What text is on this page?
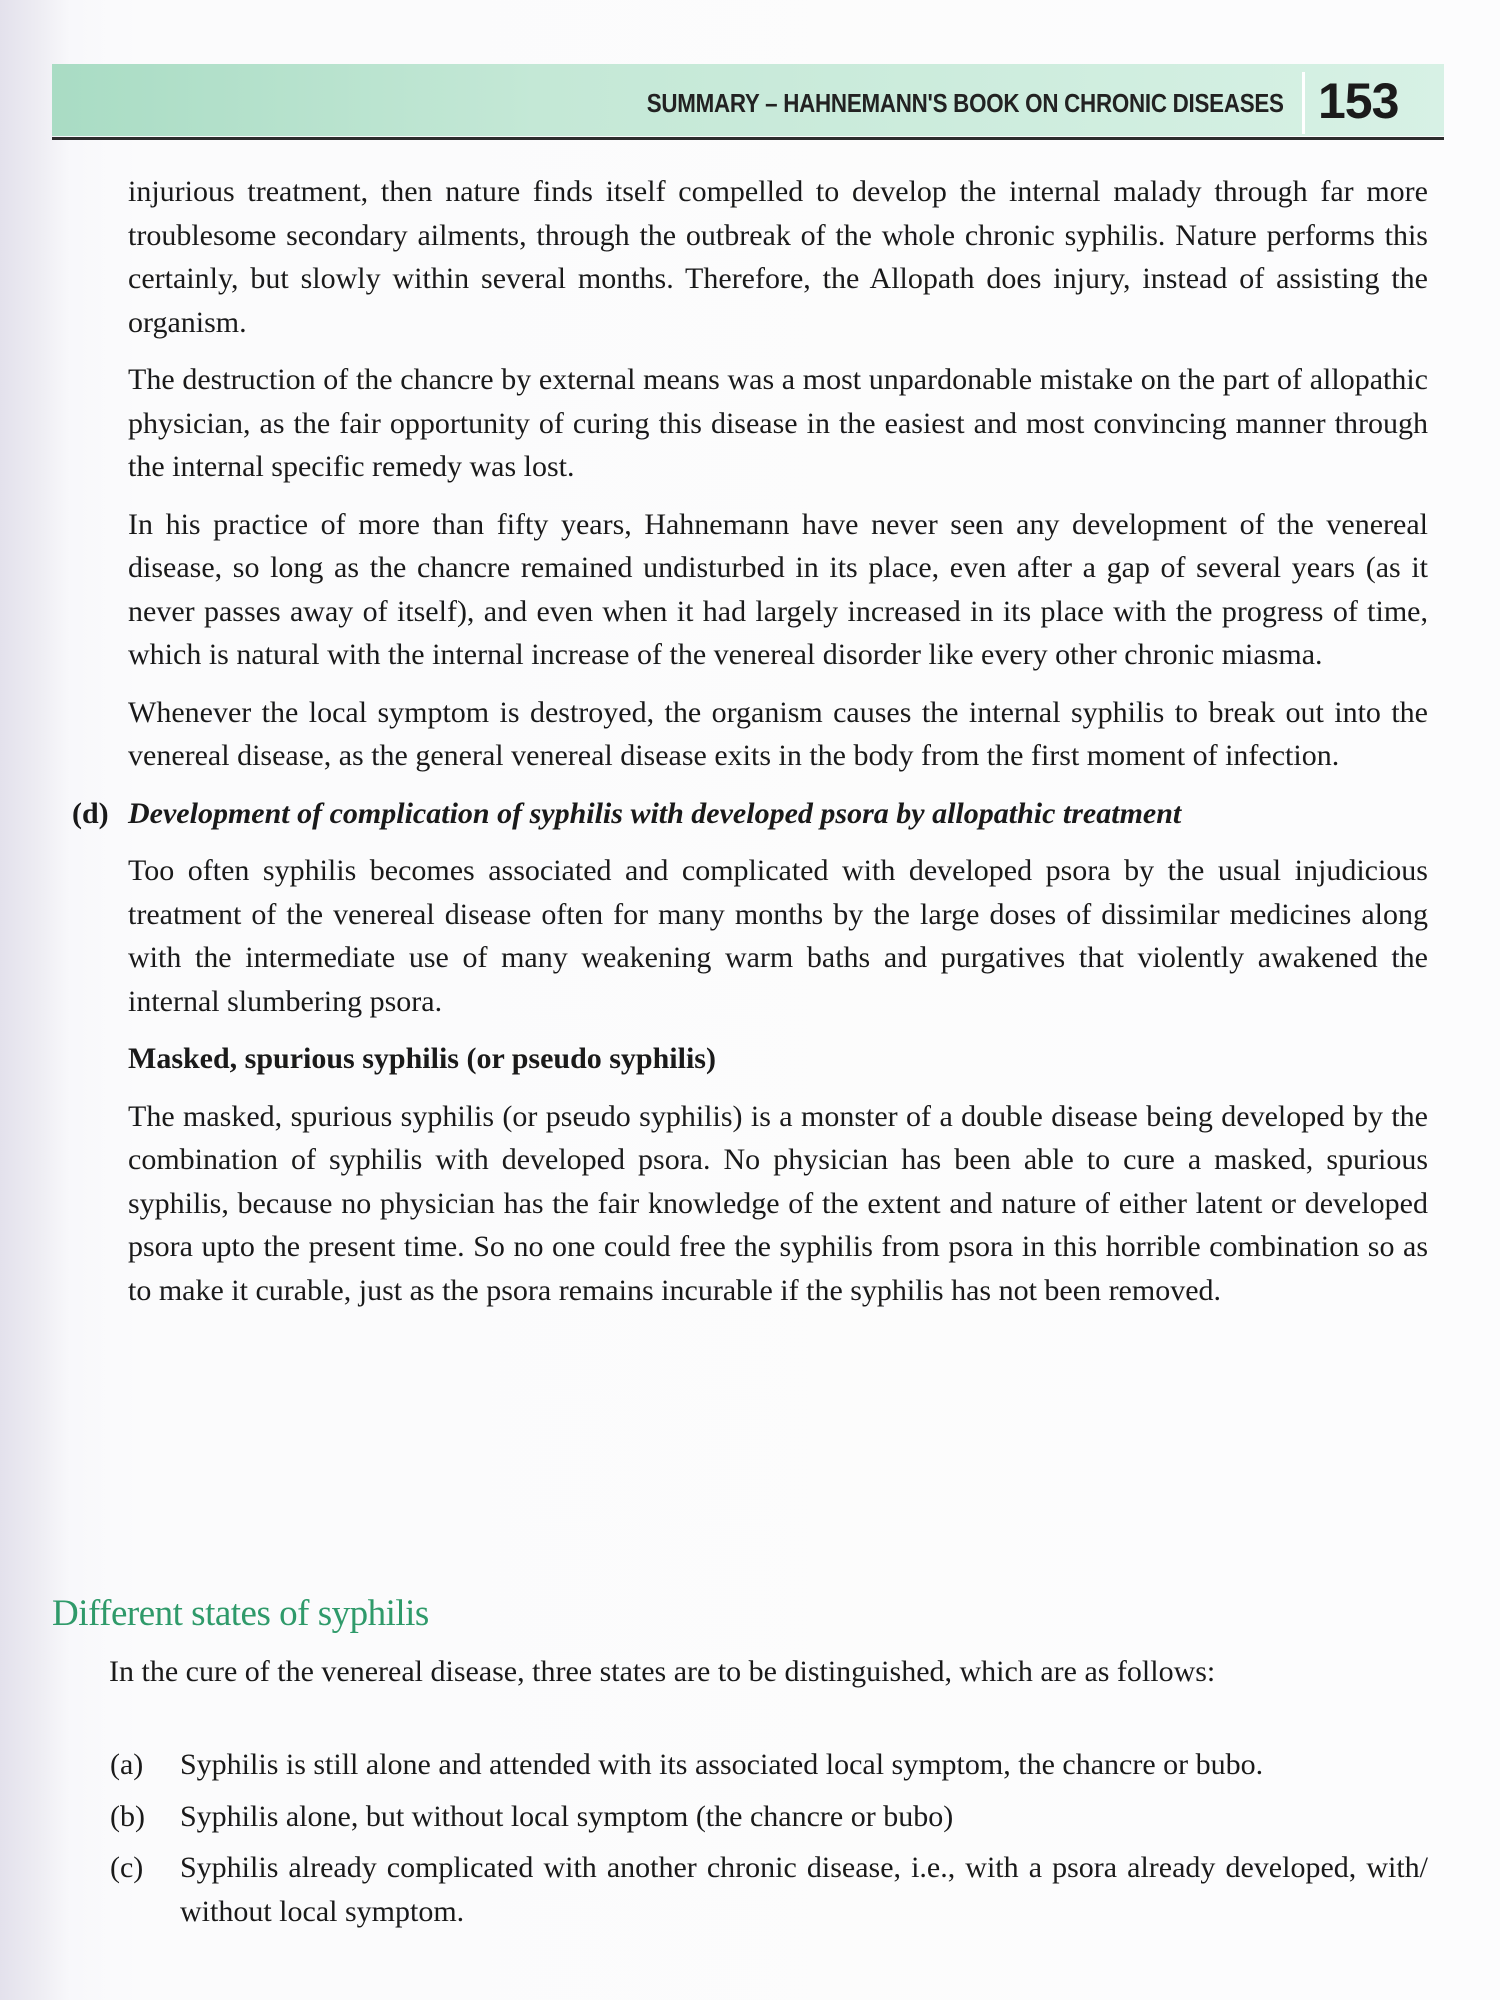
SUMMARY – HAHNEMANN'S BOOK ON CHRONIC DISEASES 153

injurious treatment, then nature finds itself compelled to develop the internal malady through far more troublesome secondary ailments, through the outbreak of the whole chronic syphilis. Nature performs this certainly, but slowly within several months. Therefore, the Allopath does injury, instead of assisting the organism.

The destruction of the chancre by external means was a most unpardonable mistake on the part of allopathic physician, as the fair opportunity of curing this disease in the easiest and most convincing manner through the internal specific remedy was lost.

In his practice of more than fifty years, Hahnemann have never seen any development of the venereal disease, so long as the chancre remained undisturbed in its place, even after a gap of several years (as it never passes away of itself), and even when it had largely increased in its place with the progress of time, which is natural with the internal increase of the venereal disorder like every other chronic miasma.

Whenever the local symptom is destroyed, the organism causes the internal syphilis to break out into the venereal disease, as the general venereal disease exits in the body from the first moment of infection.

(d) Development of complication of syphilis with developed psora by allopathic treatment

Too often syphilis becomes associated and complicated with developed psora by the usual injudicious treatment of the venereal disease often for many months by the large doses of dissimilar medicines along with the intermediate use of many weakening warm baths and purgatives that violently awakened the internal slumbering psora.

Masked, spurious syphilis (or pseudo syphilis)

The masked, spurious syphilis (or pseudo syphilis) is a monster of a double disease being developed by the combination of syphilis with developed psora. No physician has been able to cure a masked, spurious syphilis, because no physician has the fair knowledge of the extent and nature of either latent or developed psora upto the present time. So no one could free the syphilis from psora in this horrible combination so as to make it curable, just as the psora remains incurable if the syphilis has not been removed.

Different states of syphilis

In the cure of the venereal disease, three states are to be distinguished, which are as follows:

(a) Syphilis is still alone and attended with its associated local symptom, the chancre or bubo.
(b) Syphilis alone, but without local symptom (the chancre or bubo)
(c) Syphilis already complicated with another chronic disease, i.e., with a psora already developed, with/ without local symptom.
